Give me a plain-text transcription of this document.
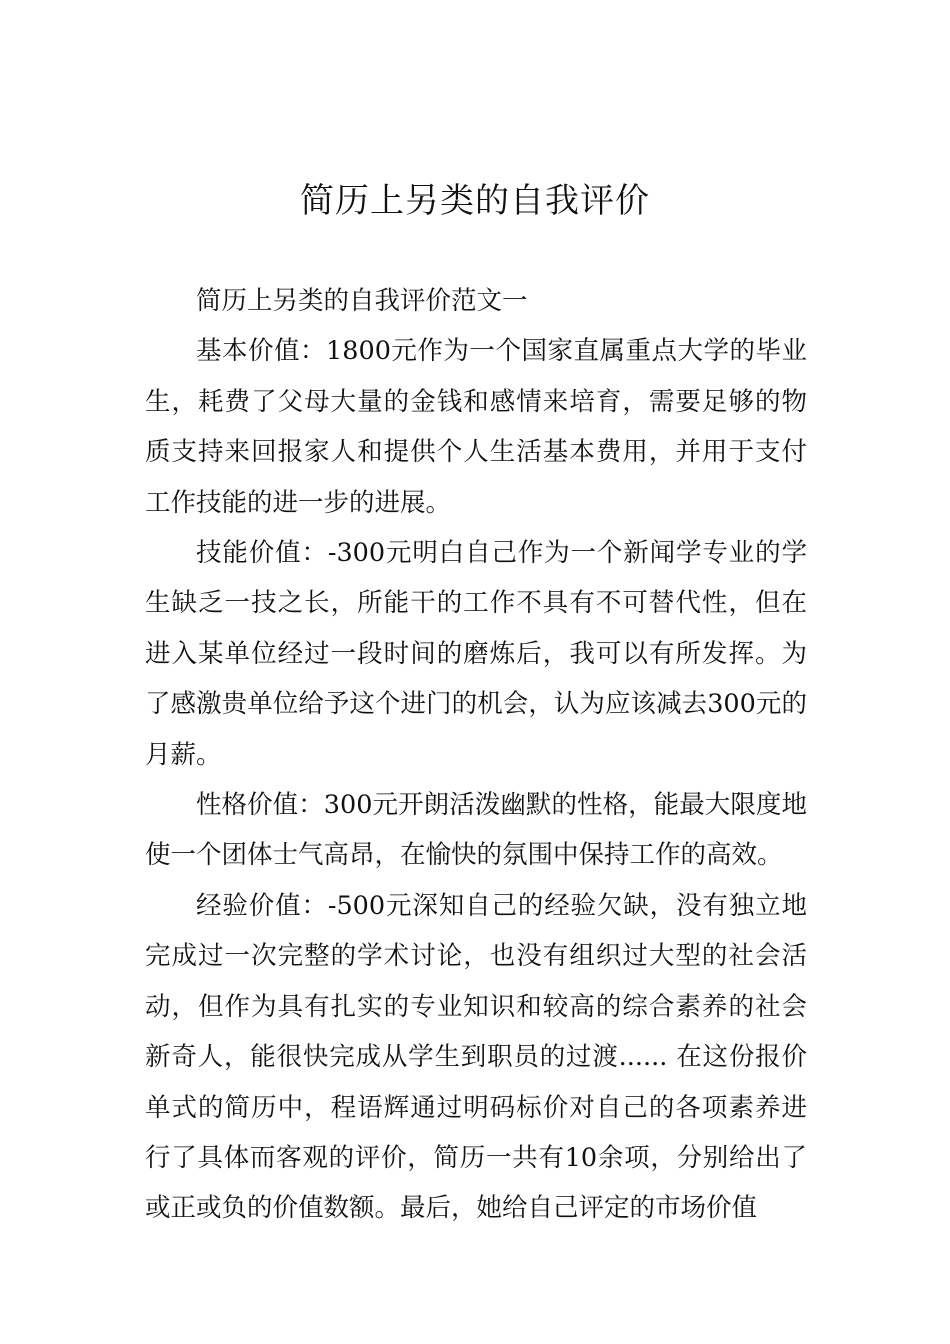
简历上另类的自我评价

简历上另类的自我评价范文一

基本价值：1800元作为一个国家直属重点大学的毕业生，耗费了父母大量的金钱和感情来培育，需要足够的物质支持来回报家人和提供个人生活基本费用，并用于支付工作技能的进一步的进展。

技能价值：-300元明白自己作为一个新闻学专业的学生缺乏一技之长，所能干的工作不具有不可替代性，但在进入某单位经过一段时间的磨炼后，我可以有所发挥。为了感激贵单位给予这个进门的机会，认为应该减去300元的月薪。

性格价值：300元开朗活泼幽默的性格，能最大限度地使一个团体士气高昂，在愉快的氛围中保持工作的高效。

经验价值：-500元深知自己的经验欠缺，没有独立地完成过一次完整的学术讨论，也没有组织过大型的社会活动，但作为具有扎实的专业知识和较高的综合素养的社会新奇人，能很快完成从学生到职员的过渡...... 在这份报价单式的简历中，程语辉通过明码标价对自己的各项素养进行了具体而客观的评价，简历一共有10余项，分别给出了或正或负的价值数额。最后，她给自己评定的市场价值
